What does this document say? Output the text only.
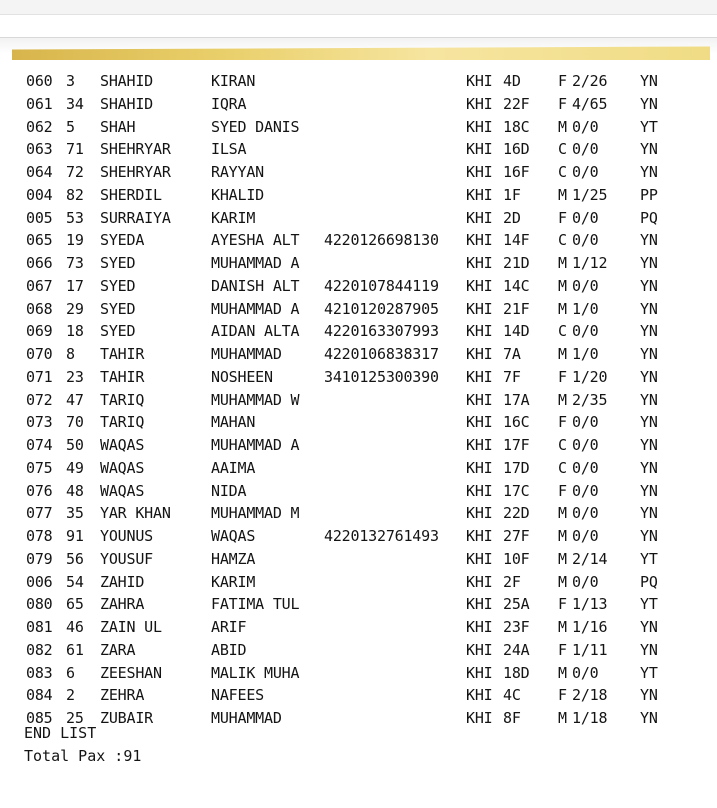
060 3 SHAHID	KIRAN	KHI 4D F 2/26 YN
061 34 SHAHID	IQRA	KHI 22F F 4/65 YN
062 5 SHAH	SYED DANIS	KHI 18C M 0/0	YT
063 71 SHEHRYAR	ILSA	KHI 16D C 0/0	YN
064 72 SHEHRYAR	RAYYAN	KHI 16F C 0/0	YN
004 82 SHERDIL	KHALID	KHI 1F M 1/25 PP
005 53 SURRAIYA	KARIM	KHI 2D F 0/0	PQ
065 19 SYEDA	AYESHA ALT 4220126698130 KHI 14F C 0/0	YN
066 73 SYED	MUHAMMAD A	KHI 21D M 1/12 YN
067 17 SYED	DANISH ALT 4220107844119 KHI 14C M 0/0	YN
068 29 SYED	MUHAMMAD A 4210120287905 KHI 21F M 1/0	YN
069 18 SYED	AIDAN ALTA 4220163307993 KHI 14D C 0/0	YN
070 8 TAHIR	MUHAMMAD	4220106838317 KHI 7A M 1/0	YN
071 23 TAHIR	NOSHEEN	3410125300390 KHI 7F F 1/20 YN
072 47 TARIQ	MUHAMMAD W	KHI 17A M 2/35 YN
073 70 TARIQ	MAHAN	KHI 16C F 0/0	YN
074 50 WAQAS	MUHAMMAD A	KHI 17F C 0/0	YN
075 49 WAQAS	AAIMA	KHI 17D C 0/0	YN
076 48 WAQAS	NIDA	KHI 17C F 0/0	YN
077 35 YAR KHAN	MUHAMMAD M	KHI 22D M 0/0	YN
078 91 YOUNUS	WAQAS	4220132761493 KHI 27F M 0/0	YN
079 56 YOUSUF	HAMZA	KHI 10F M 2/14 YT
006 54 ZAHID	KARIM	KHI 2F M 0/0	PQ
080 65 ZAHRA	FATIMA TUL	KHI 25A F 1/13 YT
081 46 ZAIN UL	ARIF	KHI 23F M 1/16 YN
082 61 ZARA	ABID	KHI 24A F 1/11 YN
083 6 ZEESHAN	MALIK MUHA	KHI 18D M 0/0	YT
084 2 ZEHRA	NAFEES	KHI 4C F 2/18 YN
085 25 ZUBAIR	MUHAMMAD	KHI 8F M 1/18 YN
END LIST
Total Pax :91
